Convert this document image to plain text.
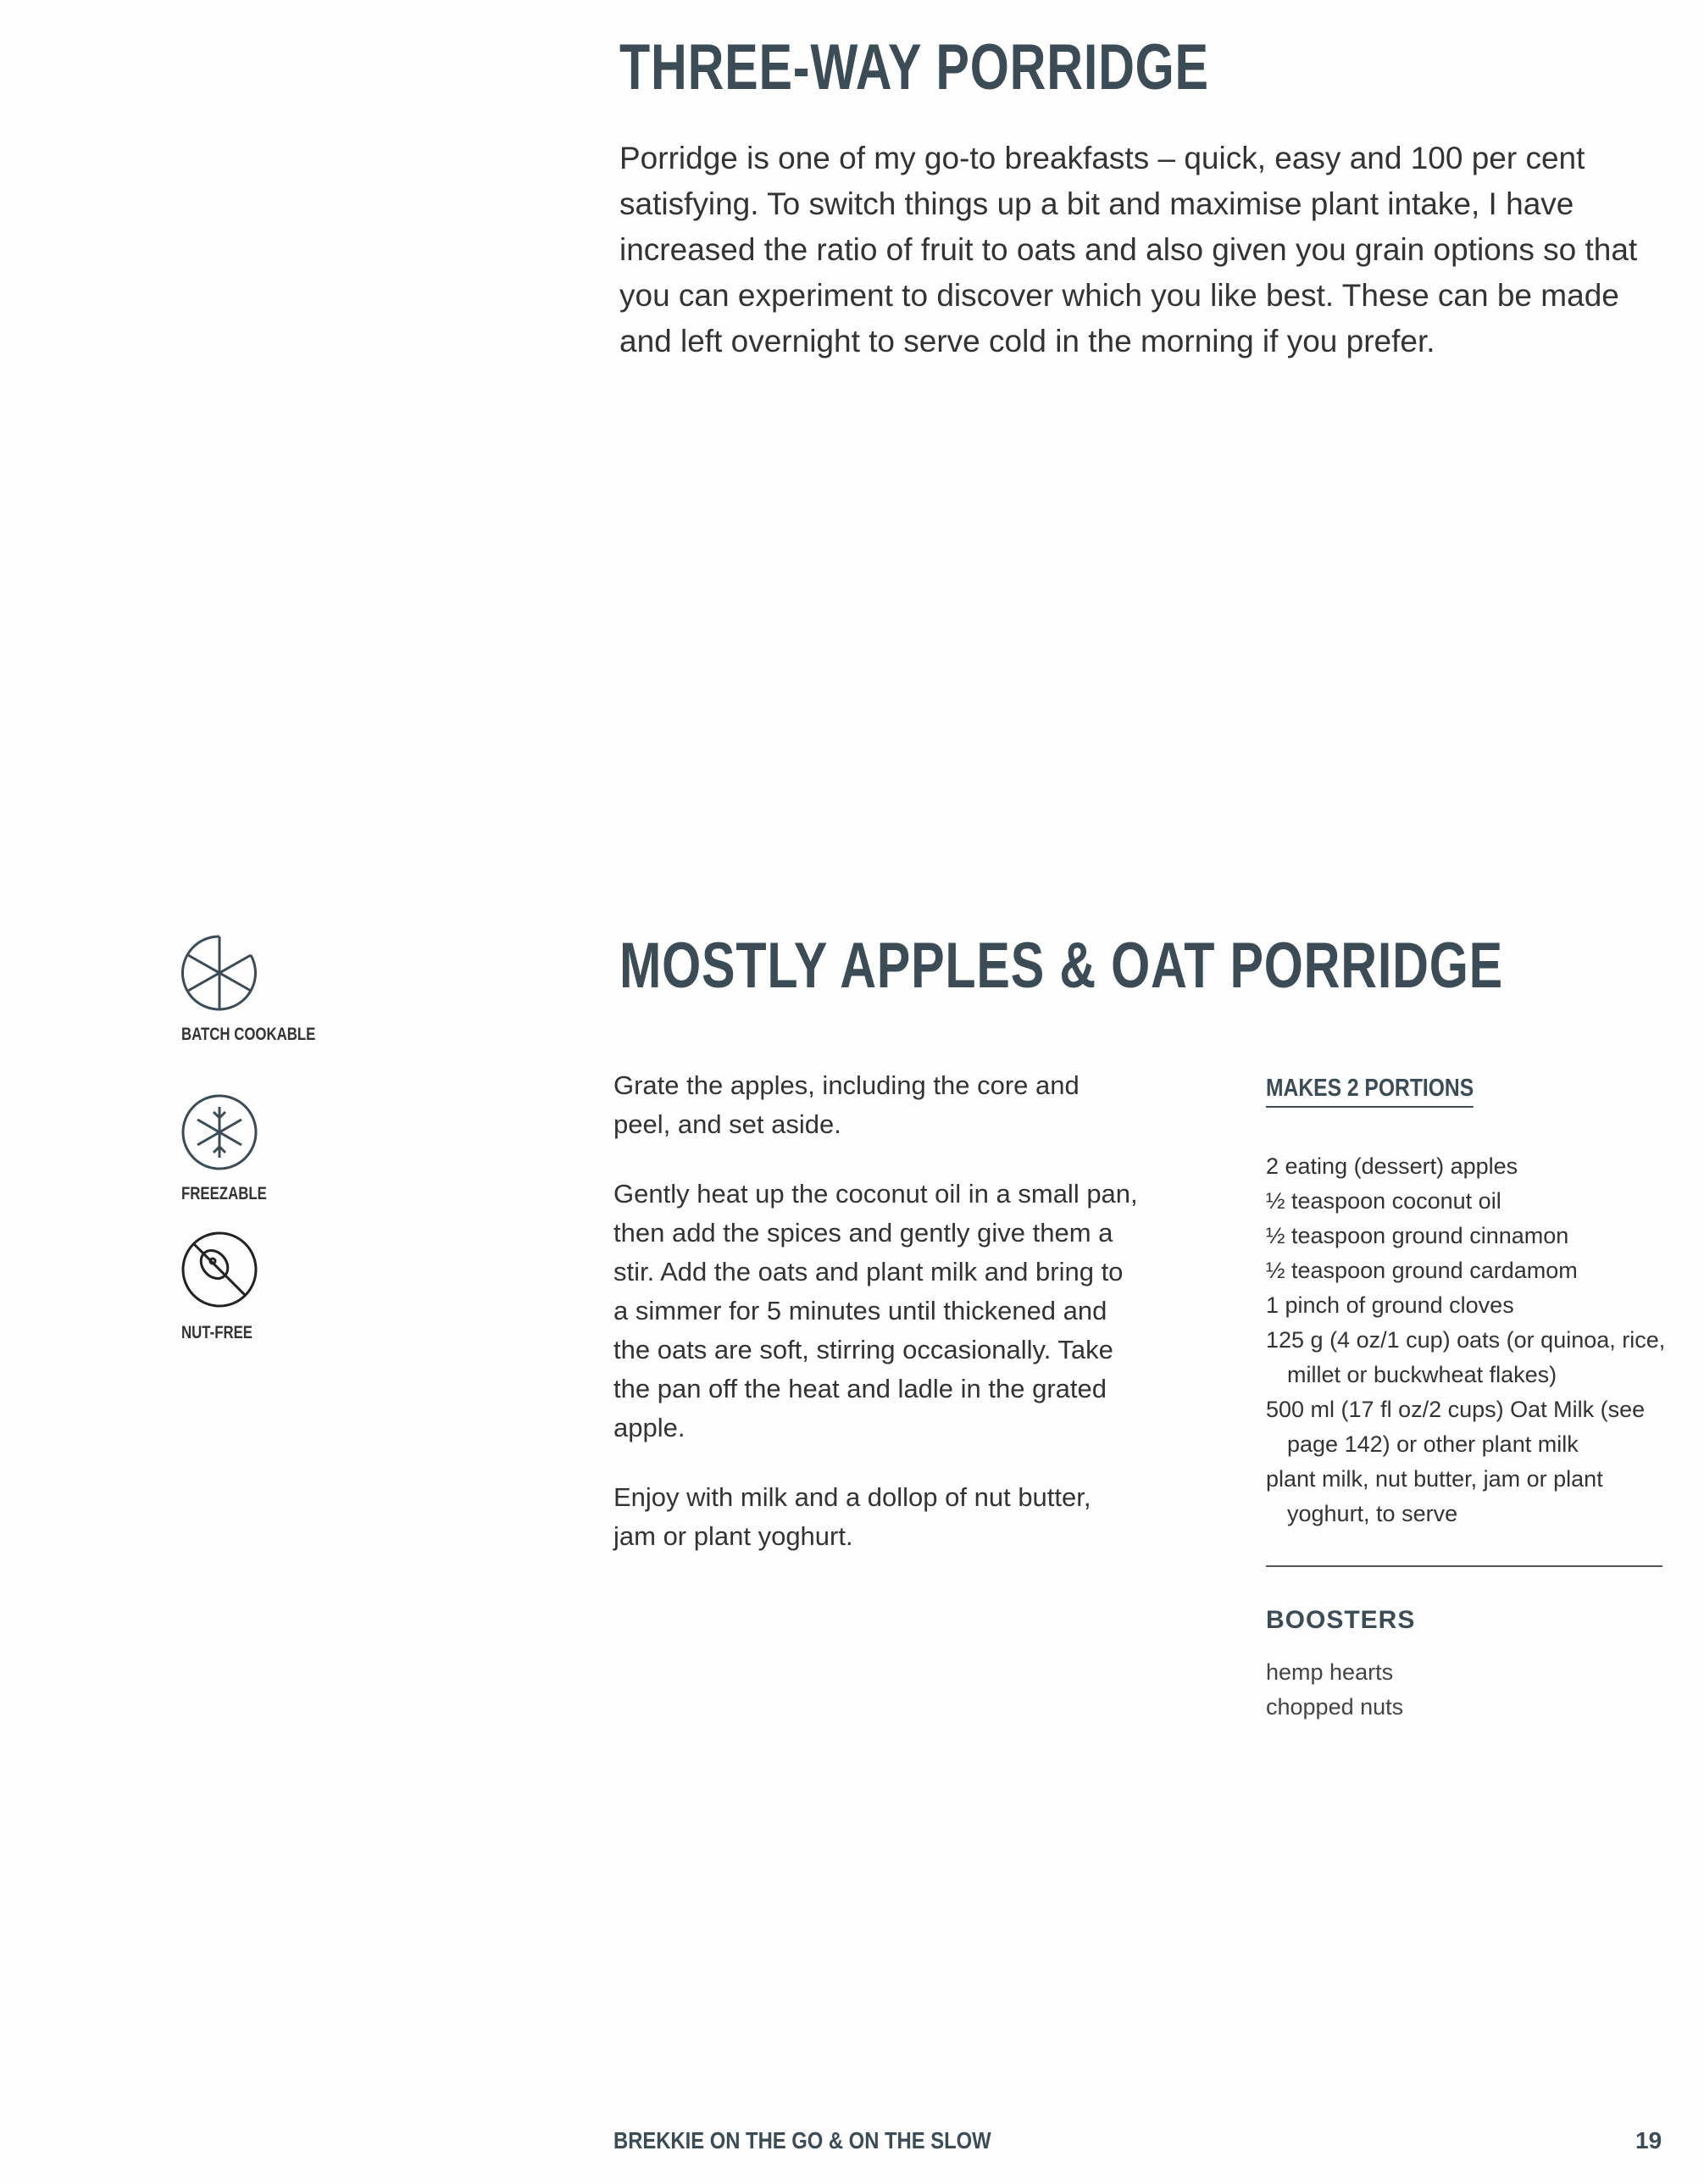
THREE-WAY PORRIDGE
Porridge is one of my go-to breakfasts – quick, easy and 100 per cent satisfying. To switch things up a bit and maximise plant intake, I have increased the ratio of fruit to oats and also given you grain options so that you can experiment to discover which you like best. These can be made and left overnight to serve cold in the morning if you prefer.
BATCH COOKABLE
FREEZABLE
NUT-FREE
MOSTLY APPLES & OAT PORRIDGE

Grate the apples, including the core and peel, and set aside.

Gently heat up the coconut oil in a small pan, then add the spices and gently give them a stir. Add the oats and plant milk and bring to a simmer for 5 minutes until thickened and the oats are soft, stirring occasionally. Take the pan off the heat and ladle in the grated apple.

Enjoy with milk and a dollop of nut butter, jam or plant yoghurt.

MAKES 2 PORTIONS
2 eating (dessert) apples
½ teaspoon coconut oil
½ teaspoon ground cinnamon
½ teaspoon ground cardamom
1 pinch of ground cloves
125 g (4 oz/1 cup) oats (or quinoa, rice, millet or buckwheat flakes)
500 ml (17 fl oz/2 cups) Oat Milk (see page 142) or other plant milk
plant milk, nut butter, jam or plant yoghurt, to serve
BOOSTERS
hemp hearts
chopped nuts
BREKKIE ON THE GO & ON THE SLOW	19
